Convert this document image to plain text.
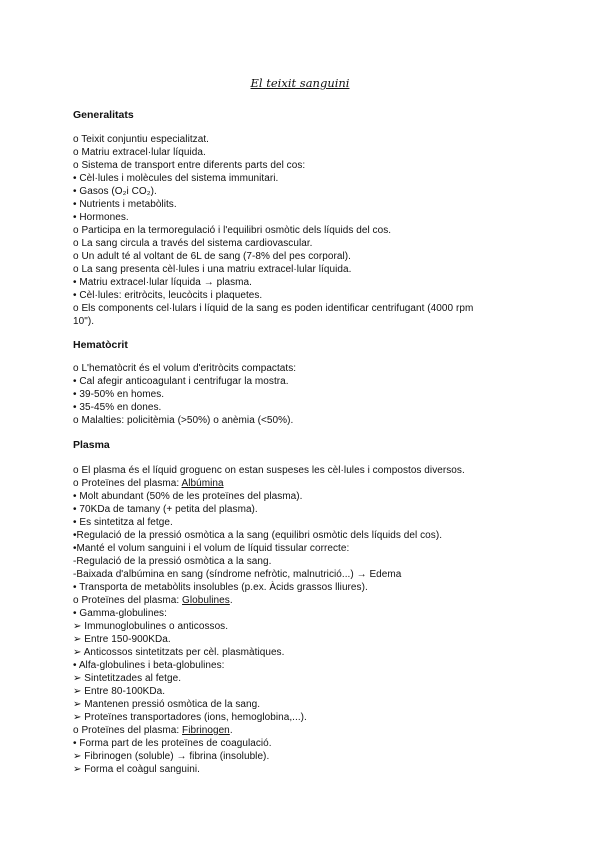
El teixit sanguini
Generalitats
o Teixit conjuntiu especialitzat.
o Matriu extracel·lular líquida.
o Sistema de transport entre diferents parts del cos:
• Cèl·lules i molècules del sistema immunitari.
• Gasos (O₂i CO₂).
• Nutrients i metabòlits.
• Hormones.
o Participa en la termoregulació i l'equilibri osmòtic dels líquids del cos.
o La sang circula a través del sistema cardiovascular.
o Un adult té al voltant de 6L de sang (7-8% del pes corporal).
o La sang presenta cèl·lules i una matriu extracel·lular líquida.
• Matriu extracel·lular líquida → plasma.
• Cèl·lules: eritròcits, leucòcits i plaquetes.
o Els components cel·lulars i líquid de la sang es poden identificar centrifugant (4000 rpm
10").
Hematòcrit
o L'hematòcrit és el volum d'eritròcits compactats:
• Cal afegir anticoagulant i centrifugar la mostra.
• 39-50% en homes.
• 35-45% en dones.
o Malalties: policitèmia (>50%) o anèmia (<50%).
Plasma
o El plasma és el líquid groguenc on estan suspeses les cèl·lules i compostos diversos.
o Proteïnes del plasma: Albúmina
• Molt abundant (50% de les proteïnes del plasma).
• 70KDa de tamany (+ petita del plasma).
• Es sintetitza al fetge.
•Regulació de la pressió osmòtica a la sang (equilibri osmòtic dels líquids del cos).
•Manté el volum sanguini i el volum de líquid tissular correcte:
-Regulació de la pressió osmòtica a la sang.
-Baixada d'albúmina en sang (síndrome nefròtic, malnutrició...) → Edema
• Transporta de metabòlits insolubles (p.ex. Àcids grassos lliures).
o Proteïnes del plasma: Globulines.
• Gamma-globulines:
➢ Immunoglobulines o anticossos.
➢ Entre 150-900KDa.
➢ Anticossos sintetitzats per cèl. plasmàtiques.
• Alfa-globulines i beta-globulines:
➢ Sintetitzades al fetge.
➢ Entre 80-100KDa.
➢ Mantenen pressió osmòtica de la sang.
➢ Proteïnes transportadores (ions, hemoglobina,...).
o Proteïnes del plasma: Fibrinogen.
• Forma part de les proteïnes de coagulació.
➢ Fibrinogen (soluble) → fibrina (insoluble).
➢ Forma el coàgul sanguini.
